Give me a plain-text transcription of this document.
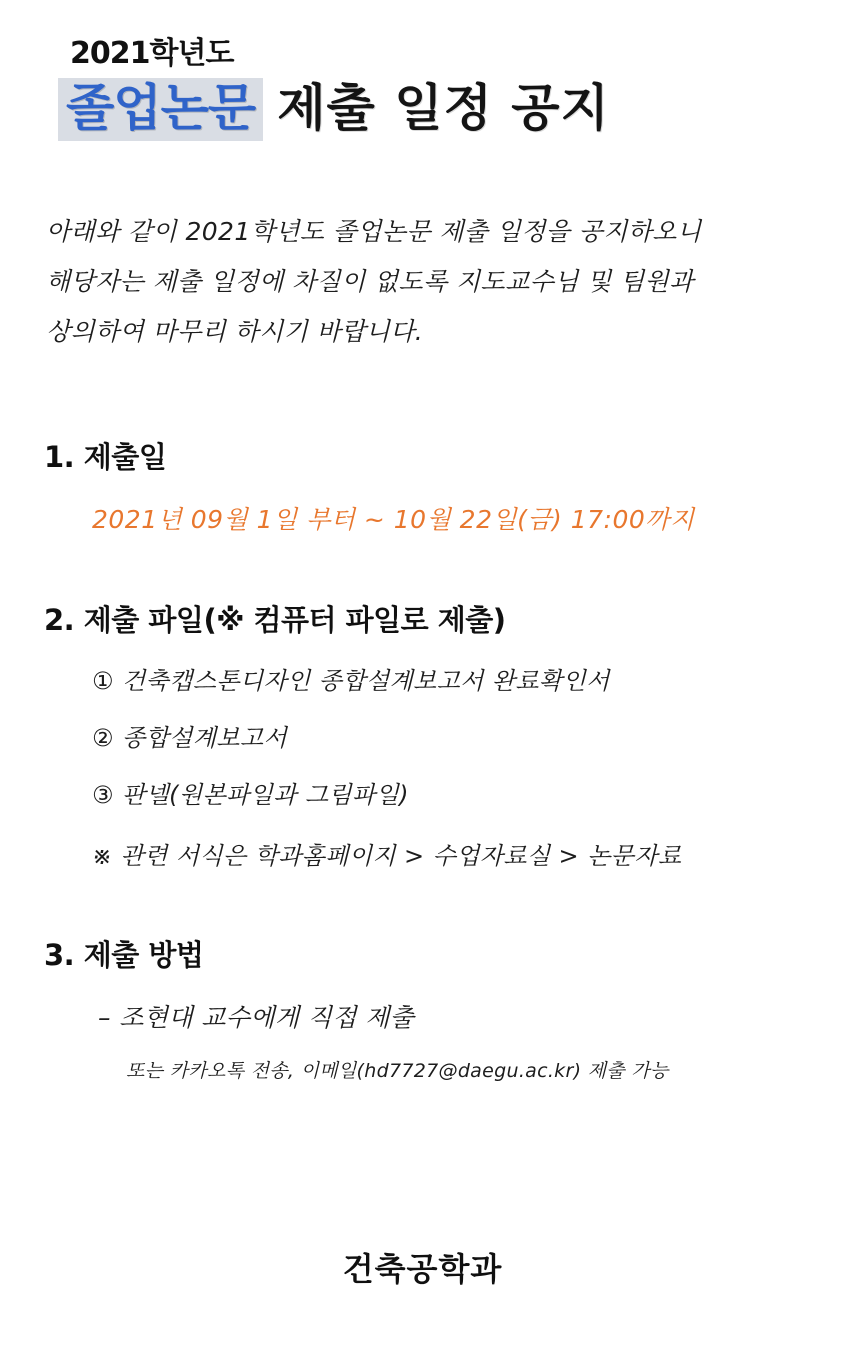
2021학년도
졸업논문 제출 일정 공지
아래와 같이 2021학년도 졸업논문 제출 일정을 공지하오니
해당자는 제출 일정에 차질이 없도록 지도교수님 및 팀원과
상의하여 마무리 하시기 바랍니다.
1. 제출일
2021년 09월 1일 부터 ~ 10월 22일(금) 17:00까지
2. 제출 파일(※ 컴퓨터 파일로 제출)
① 건축캡스톤디자인 종합설계보고서 완료확인서
② 종합설계보고서
③ 판넬(원본파일과 그림파일)
※ 관련 서식은 학과홈페이지 > 수업자료실 > 논문자료
3. 제출 방법
– 조현대 교수에게 직접 제출
또는 카카오톡 전송, 이메일(hd7727@daegu.ac.kr) 제출 가능
건축공학과
